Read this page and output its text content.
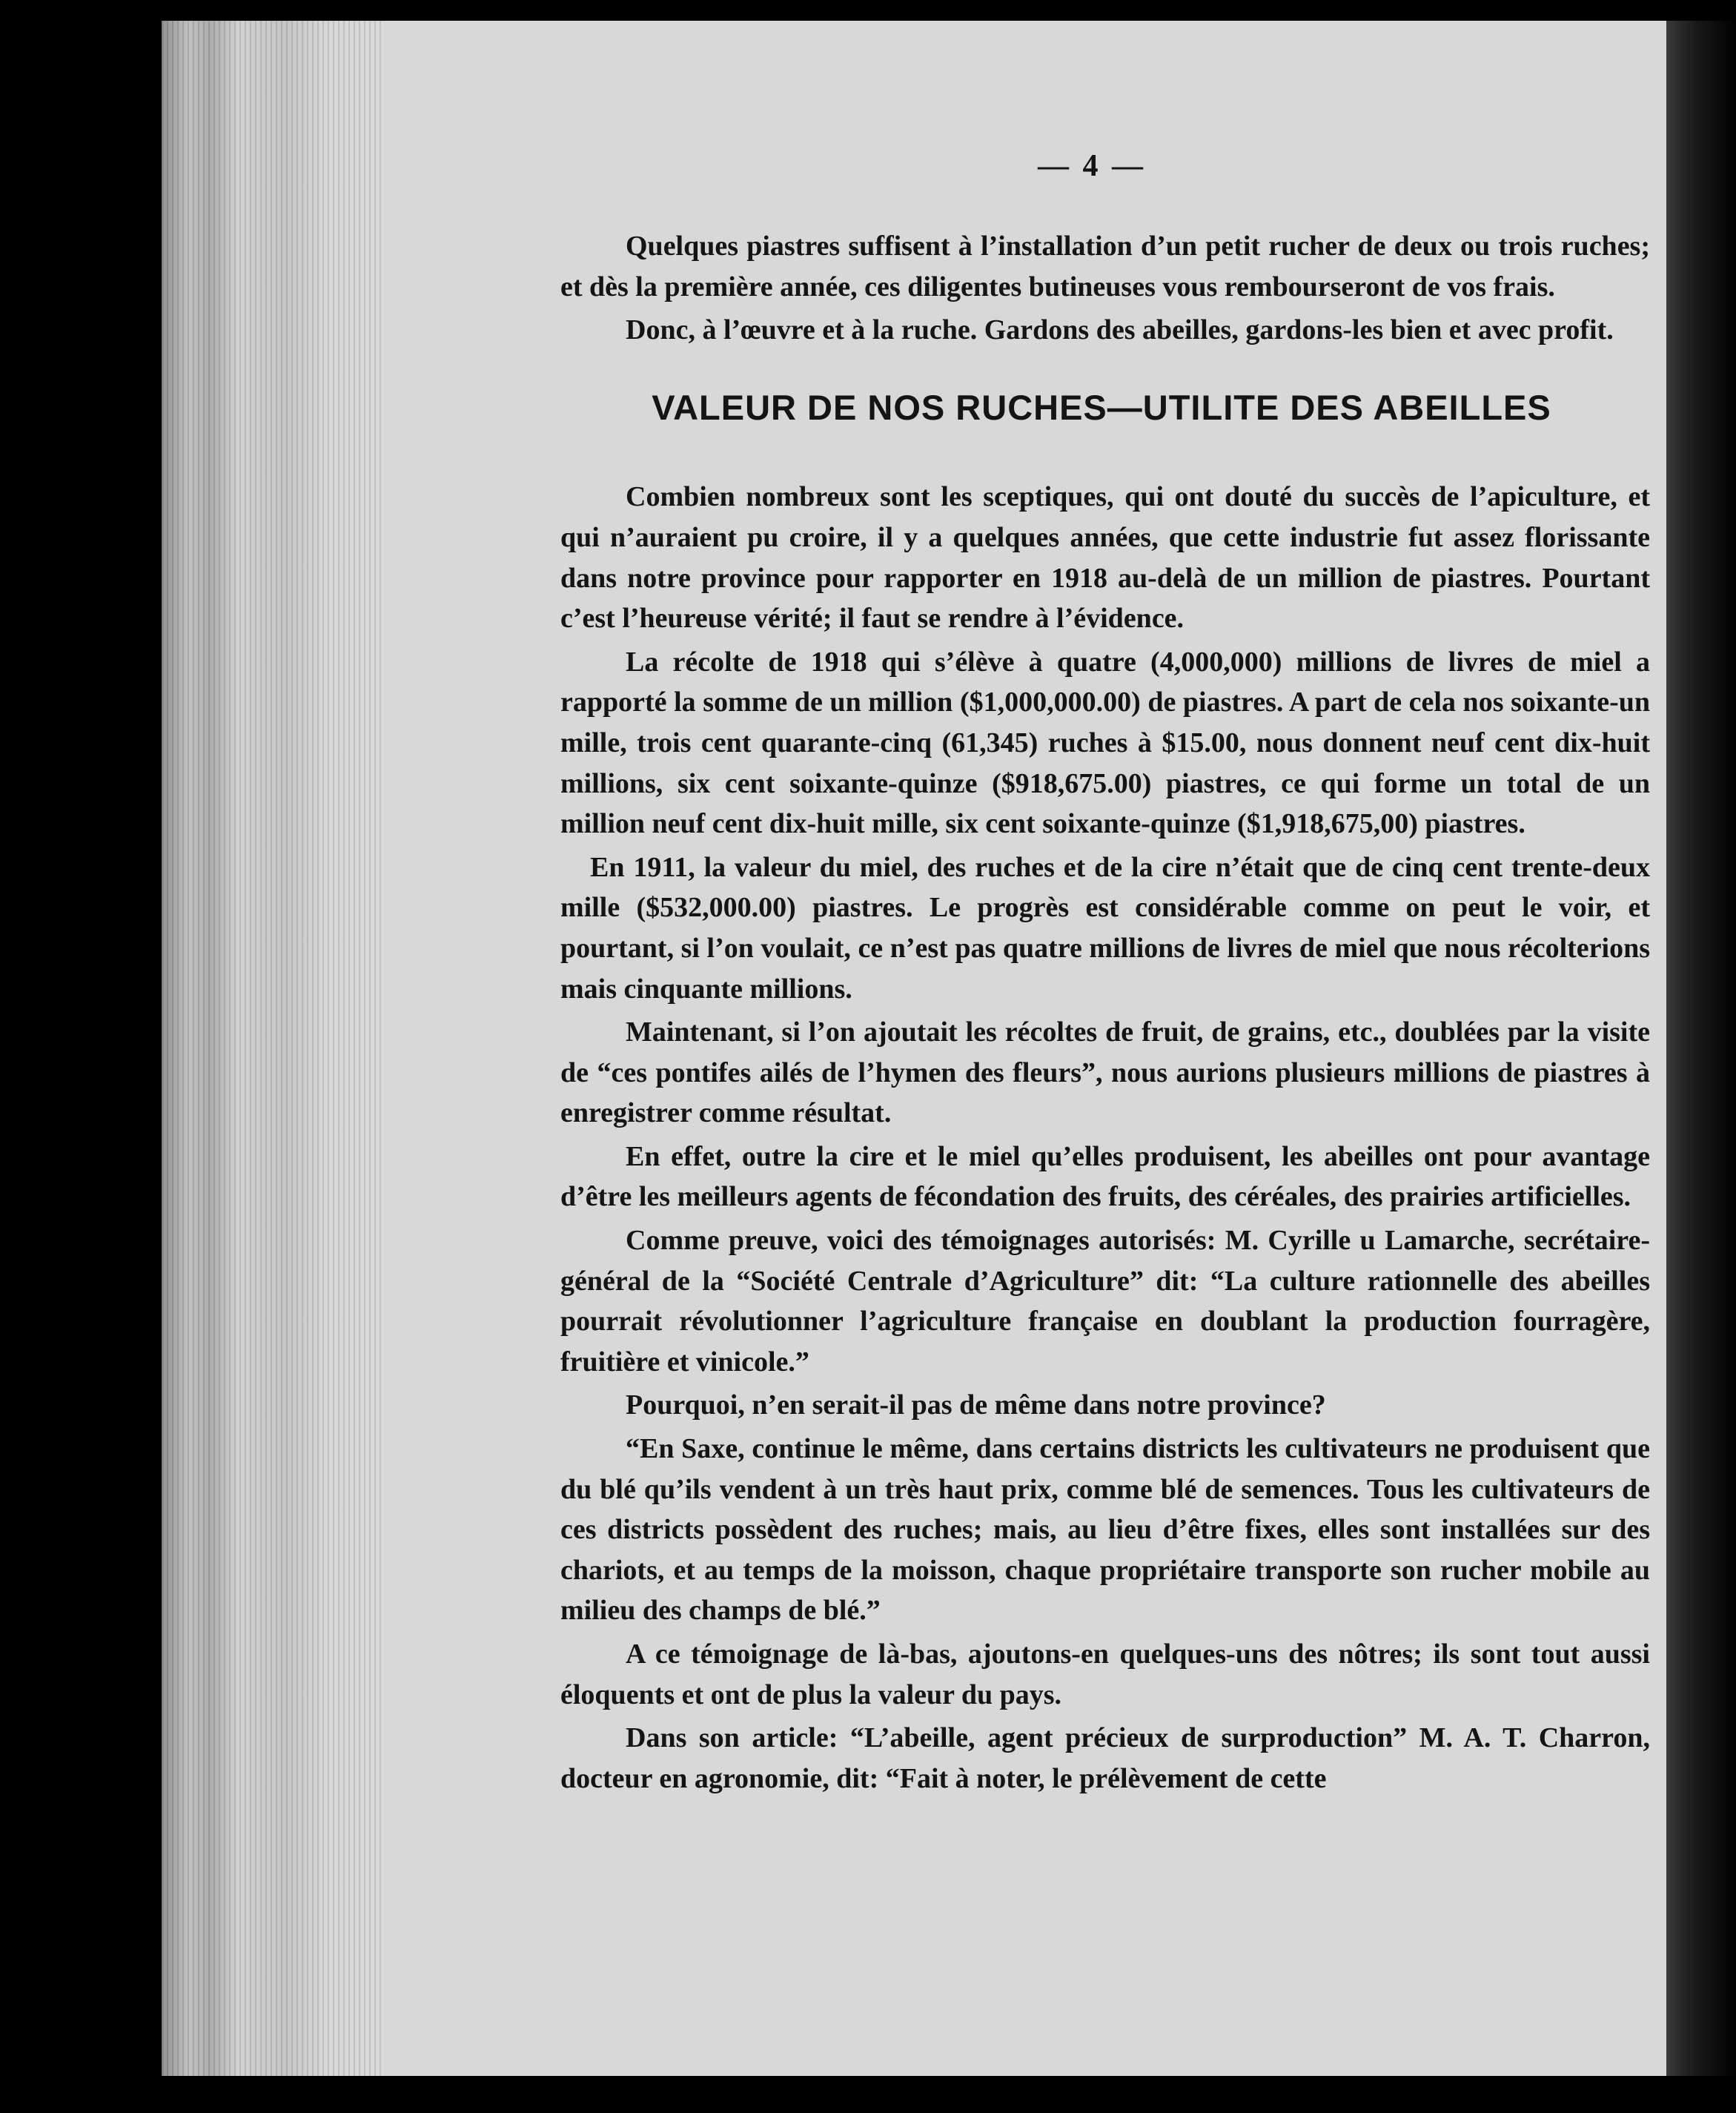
— 4 —

Quelques piastres suffisent à l’installation d’un petit rucher de deux ou trois ruches; et dès la première année, ces diligentes butineuses vous rembourseront de vos frais.

Donc, à l’œuvre et à la ruche. Gardons des abeilles, gardons-les bien et avec profit.

VALEUR DE NOS RUCHES—UTILITE DES ABEILLES

Combien nombreux sont les sceptiques, qui ont douté du succès de l’apiculture, et qui n’auraient pu croire, il y a quelques années, que cette industrie fut assez florissante dans notre province pour rapporter en 1918 au-delà de un million de piastres. Pourtant c’est l’heureuse vérité; il faut se rendre à l’évidence.

La récolte de 1918 qui s’élève à quatre (4,000,000) millions de livres de miel a rapporté la somme de un million ($1,000,000.00) de piastres. A part de cela nos soixante-un mille, trois cent quarante-cinq (61,345) ruches à $15.00, nous donnent neuf cent dix-huit millions, six cent soixante-quinze ($918,675.00) piastres, ce qui forme un total de un million neuf cent dix-huit mille, six cent soixante-quinze ($1,918,675,00) piastres.

En 1911, la valeur du miel, des ruches et de la cire n’était que de cinq cent trente-deux mille ($532,000.00) piastres. Le progrès est considérable comme on peut le voir, et pourtant, si l’on voulait, ce n’est pas quatre millions de livres de miel que nous récolterions mais cinquante millions.

Maintenant, si l’on ajoutait les récoltes de fruit, de grains, etc., doublées par la visite de “ces pontifes ailés de l’hymen des fleurs”, nous aurions plusieurs millions de piastres à enregistrer comme résultat.

En effet, outre la cire et le miel qu’elles produisent, les abeilles ont pour avantage d’être les meilleurs agents de fécondation des fruits, des céréales, des prairies artificielles.

Comme preuve, voici des témoignages autorisés: M. Cyrille u Lamarche, secrétaire-général de la “Société Centrale d’Agriculture” dit: “La culture rationnelle des abeilles pourrait révolutionner l’agriculture française en doublant la production fourragère, fruitière et vinicole.”

Pourquoi, n’en serait-il pas de même dans notre province?

“En Saxe, continue le même, dans certains districts les cultivateurs ne produisent que du blé qu’ils vendent à un très haut prix, comme blé de semences. Tous les cultivateurs de ces districts possèdent des ruches; mais, au lieu d’être fixes, elles sont installées sur des chariots, et au temps de la moisson, chaque propriétaire transporte son rucher mobile au milieu des champs de blé.”

A ce témoignage de là-bas, ajoutons-en quelques-uns des nôtres; ils sont tout aussi éloquents et ont de plus la valeur du pays.

Dans son article: “L’abeille, agent précieux de surproduction” M. A. T. Charron, docteur en agronomie, dit: “Fait à noter, le prélèvement de cette
